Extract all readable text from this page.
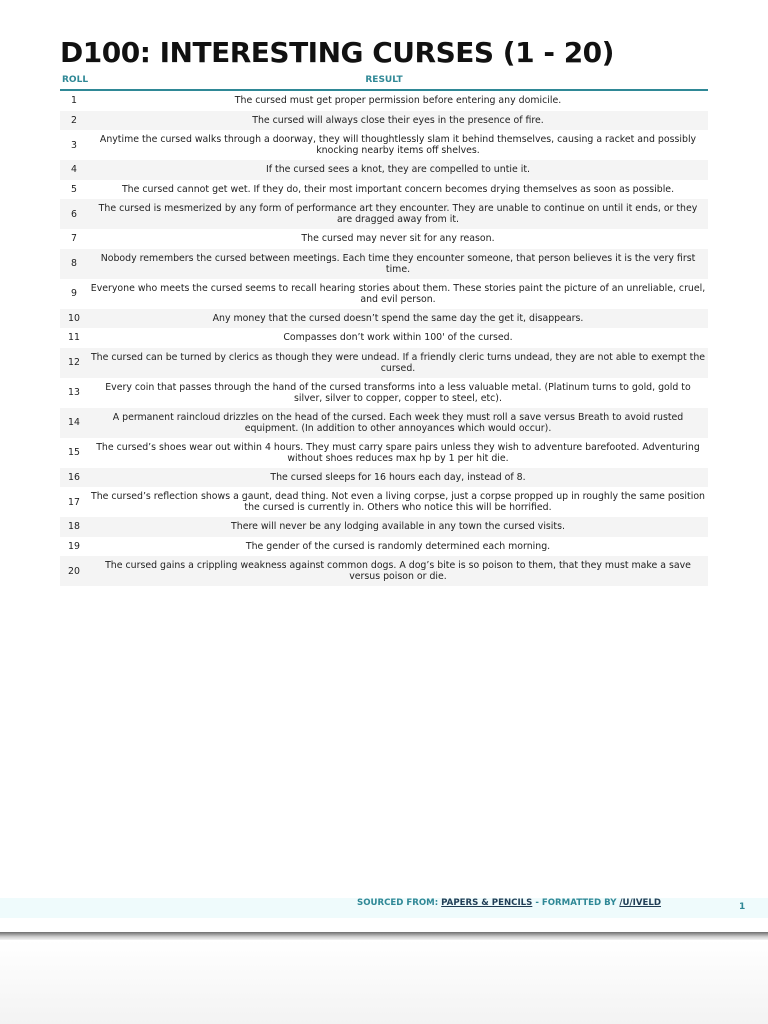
D100: INTERESTING CURSES (1 - 20)
ROLL	RESULT
1	The cursed must get proper permission before entering any domicile.
2	The cursed will always close their eyes in the presence of fire.
3	Anytime the cursed walks through a doorway, they will thoughtlessly slam it behind themselves, causing a racket and possibly knocking nearby items off shelves.
4	If the cursed sees a knot, they are compelled to untie it.
5	The cursed cannot get wet. If they do, their most important concern becomes drying themselves as soon as possible.
6	The cursed is mesmerized by any form of performance art they encounter. They are unable to continue on until it ends, or they are dragged away from it.
7	The cursed may never sit for any reason.
8	Nobody remembers the cursed between meetings. Each time they encounter someone, that person believes it is the very first time.
9	Everyone who meets the cursed seems to recall hearing stories about them. These stories paint the picture of an unreliable, cruel, and evil person.
10	Any money that the cursed doesn’t spend the same day the get it, disappears.
11	Compasses don’t work within 100' of the cursed.
12	The cursed can be turned by clerics as though they were undead. If a friendly cleric turns undead, they are not able to exempt the cursed.
13	Every coin that passes through the hand of the cursed transforms into a less valuable metal. (Platinum turns to gold, gold to silver, silver to copper, copper to steel, etc).
14	A permanent raincloud drizzles on the head of the cursed. Each week they must roll a save versus Breath to avoid rusted equipment. (In addition to other annoyances which would occur).
15	The cursed’s shoes wear out within 4 hours. They must carry spare pairs unless they wish to adventure barefooted. Adventuring without shoes reduces max hp by 1 per hit die.
16	The cursed sleeps for 16 hours each day, instead of 8.
17	The cursed’s reflection shows a gaunt, dead thing. Not even a living corpse, just a corpse propped up in roughly the same position the cursed is currently in. Others who notice this will be horrified.
18	There will never be any lodging available in any town the cursed visits.
19	The gender of the cursed is randomly determined each morning.
20	The cursed gains a crippling weakness against common dogs. A dog’s bite is so poison to them, that they must make a save versus poison or die.
SOURCED FROM: PAPERS & PENCILS - FORMATTED BY /U/IVELD	1
